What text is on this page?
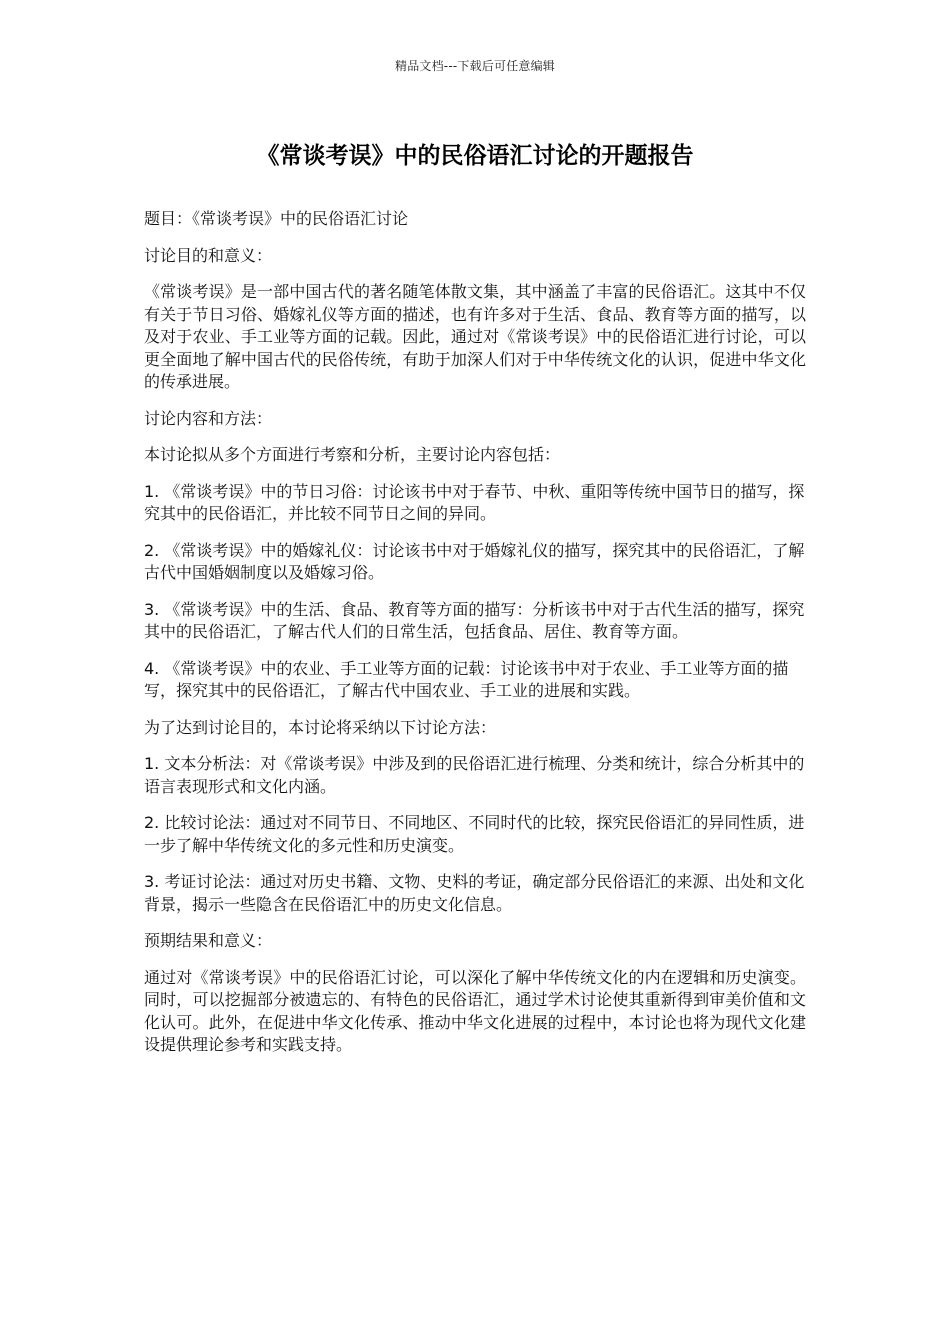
精品文档---下载后可任意编辑
《常谈考误》中的民俗语汇讨论的开题报告

题目：《常谈考误》中的民俗语汇讨论

讨论目的和意义：

《常谈考误》是一部中国古代的著名随笔体散文集，其中涵盖了丰富的民俗语汇。这其中不仅有关于节日习俗、婚嫁礼仪等方面的描述，也有许多对于生活、食品、教育等方面的描写，以及对于农业、手工业等方面的记载。因此，通过对《常谈考误》中的民俗语汇进行讨论，可以更全面地了解中国古代的民俗传统，有助于加深人们对于中华传统文化的认识，促进中华文化的传承进展。

讨论内容和方法：

本讨论拟从多个方面进行考察和分析，主要讨论内容包括：

1. 《常谈考误》中的节日习俗：讨论该书中对于春节、中秋、重阳等传统中国节日的描写，探究其中的民俗语汇，并比较不同节日之间的异同。

2. 《常谈考误》中的婚嫁礼仪：讨论该书中对于婚嫁礼仪的描写，探究其中的民俗语汇，了解古代中国婚姻制度以及婚嫁习俗。

3. 《常谈考误》中的生活、食品、教育等方面的描写：分析该书中对于古代生活的描写，探究其中的民俗语汇，了解古代人们的日常生活，包括食品、居住、教育等方面。

4. 《常谈考误》中的农业、手工业等方面的记载：讨论该书中对于农业、手工业等方面的描写，探究其中的民俗语汇，了解古代中国农业、手工业的进展和实践。

为了达到讨论目的，本讨论将采纳以下讨论方法：

1. 文本分析法：对《常谈考误》中涉及到的民俗语汇进行梳理、分类和统计，综合分析其中的语言表现形式和文化内涵。

2. 比较讨论法：通过对不同节日、不同地区、不同时代的比较，探究民俗语汇的异同性质，进一步了解中华传统文化的多元性和历史演变。

3. 考证讨论法：通过对历史书籍、文物、史料的考证，确定部分民俗语汇的来源、出处和文化背景，揭示一些隐含在民俗语汇中的历史文化信息。

预期结果和意义：

通过对《常谈考误》中的民俗语汇讨论，可以深化了解中华传统文化的内在逻辑和历史演变。同时，可以挖掘部分被遗忘的、有特色的民俗语汇，通过学术讨论使其重新得到审美价值和文化认可。此外，在促进中华文化传承、推动中华文化进展的过程中，本讨论也将为现代文化建设提供理论参考和实践支持。
